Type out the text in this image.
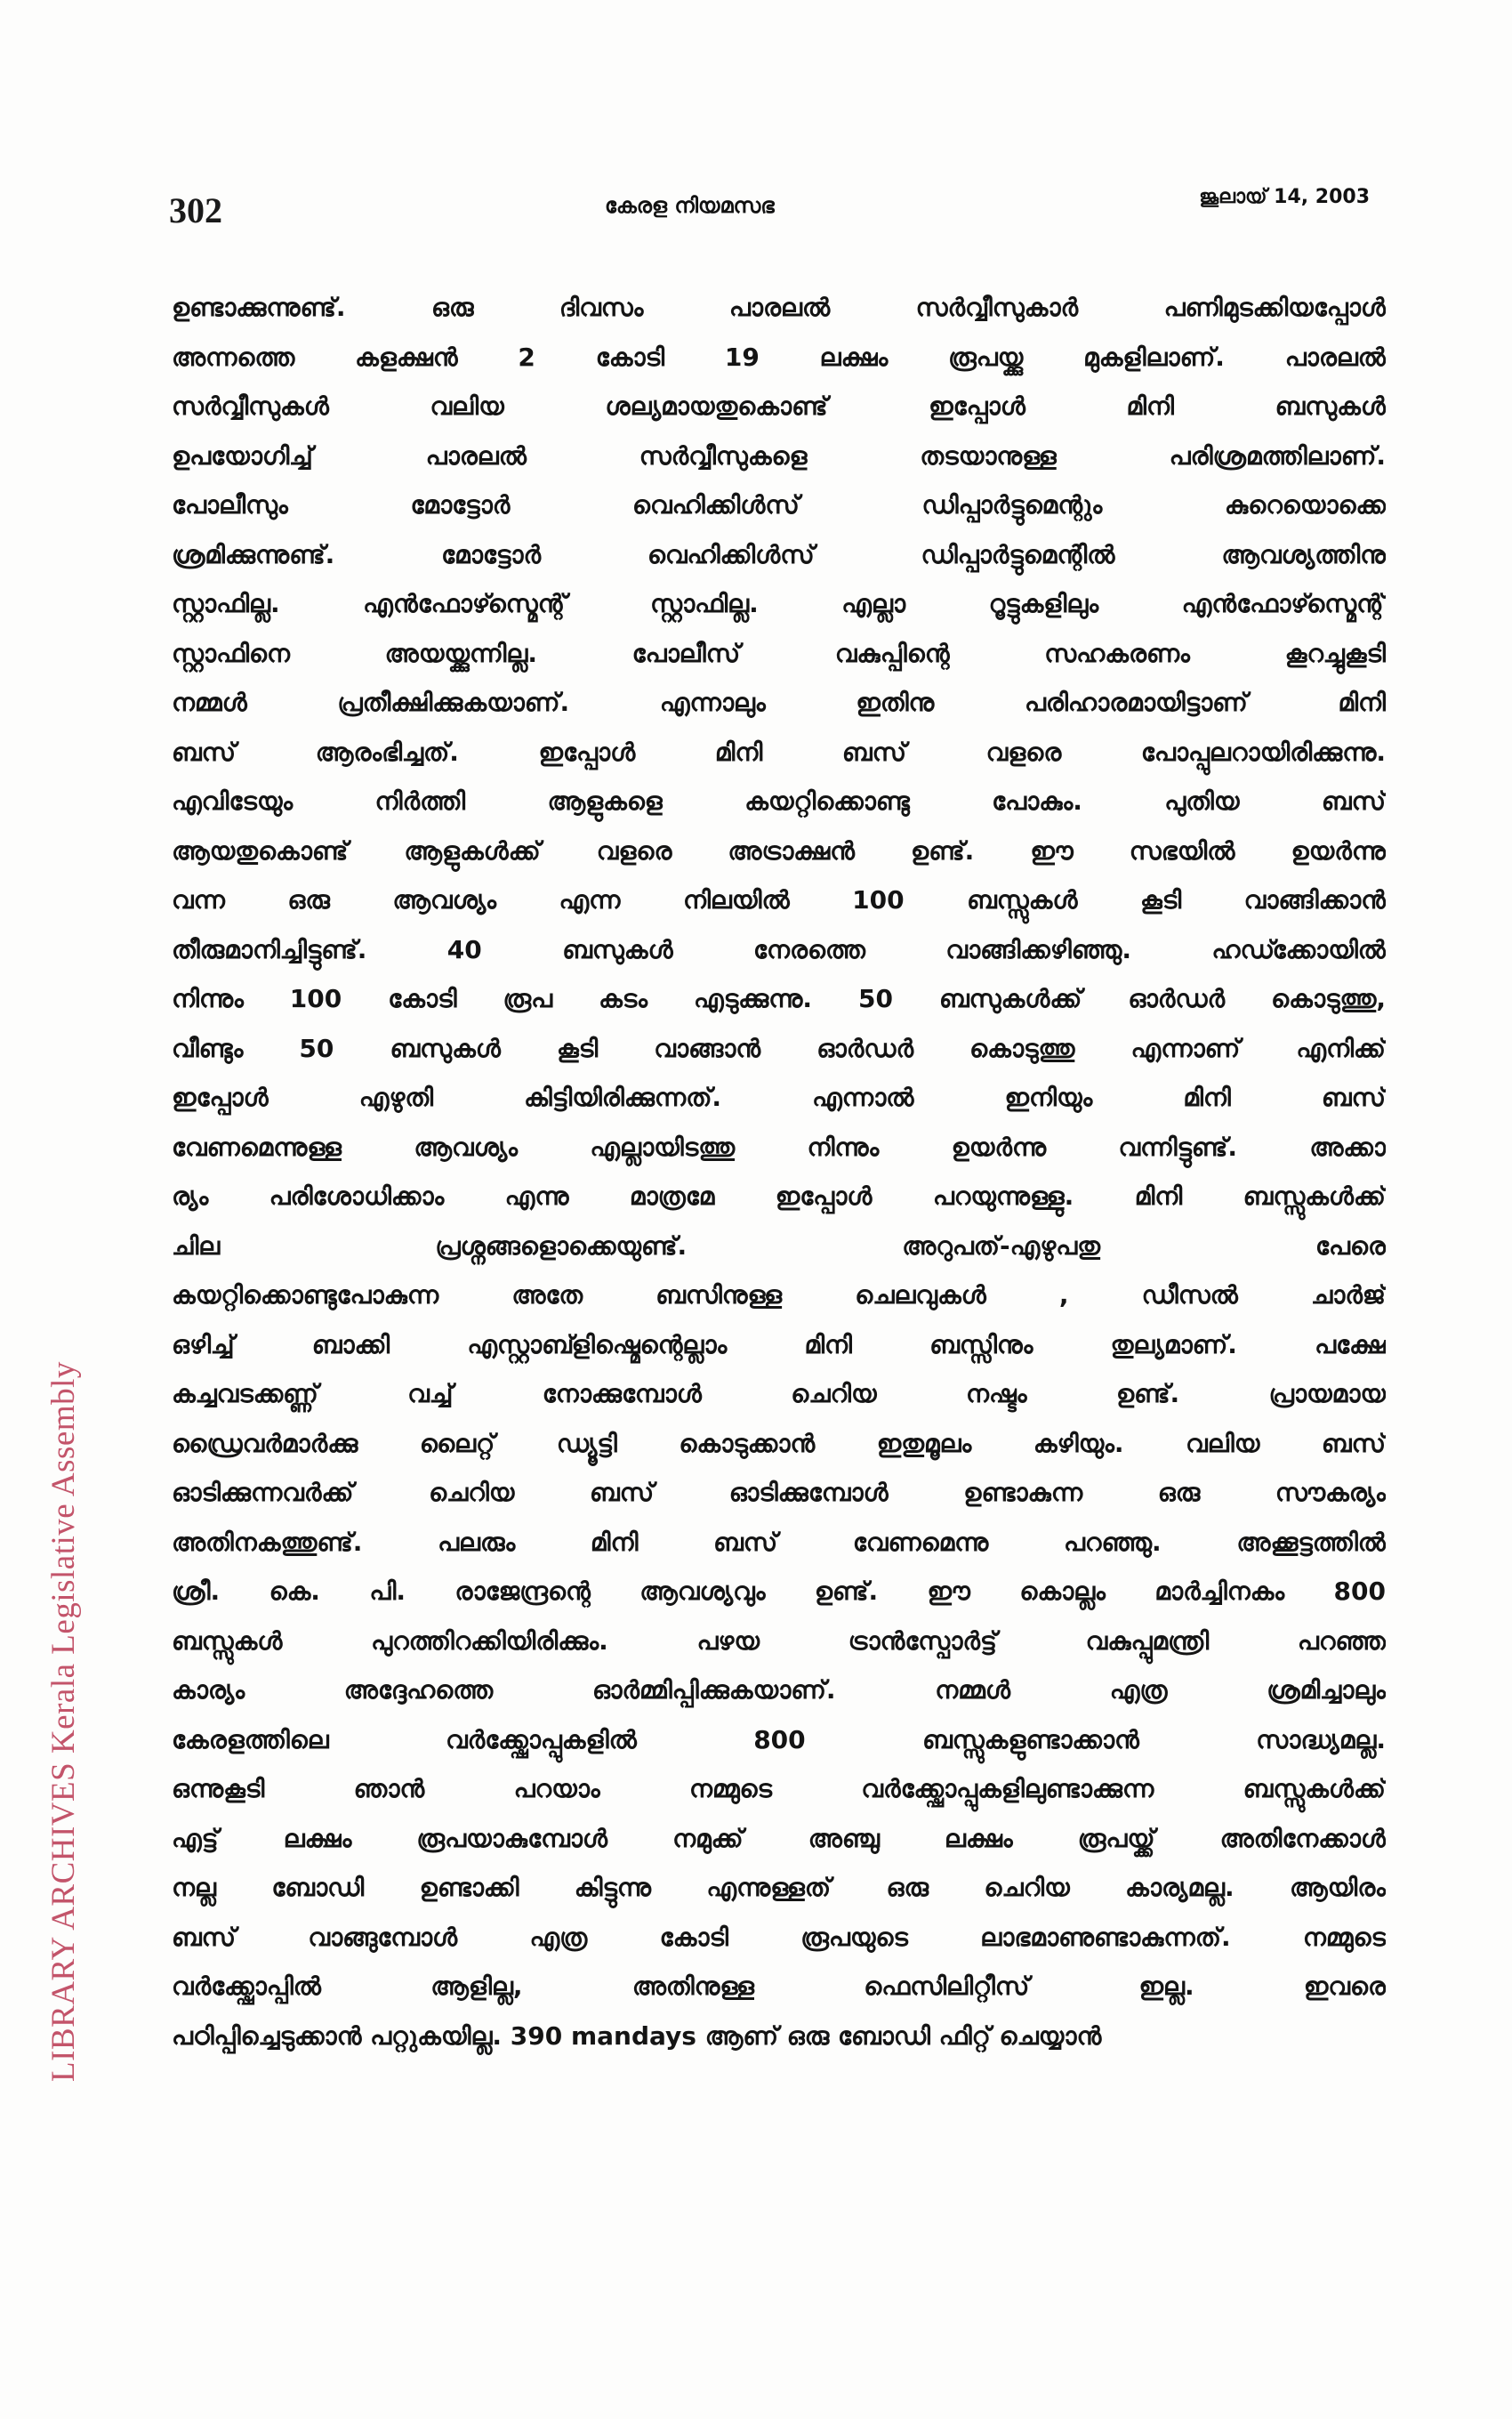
302	കേരള നിയമസഭ	ജൂലായ് 14, 2003
LIBRARY ARCHIVES Kerala Legislative Assembly
ഉണ്ടാക്കുന്നുണ്ട്. ഒരു ദിവസം പാരലൽ സർവ്വീസുകാർ പണിമുടക്കിയപ്പോൾ
അന്നത്തെ കളക്ഷൻ 2 കോടി 19 ലക്ഷം രൂപയ്ക്കു മുകളിലാണ്. പാരലൽ
സർവ്വീസുകൾ വലിയ ശല്യമായതുകൊണ്ട് ഇപ്പോൾ മിനി ബസുകൾ
ഉപയോഗിച്ച് പാരലൽ സർവ്വീസുകളെ തടയാനുള്ള പരിശ്രമത്തിലാണ്.
പോലീസും മോട്ടോർ വെഹിക്കിൾസ് ഡിപ്പാർട്ടുമെന്റും കുറെയൊക്കെ
ശ്രമിക്കുന്നുണ്ട്. മോട്ടോർ വെഹിക്കിൾസ് ഡിപ്പാർട്ടുമെന്റിൽ ആവശ്യത്തിനു
സ്റ്റാഫില്ല. എൻഫോഴ്സ്മെന്റ് സ്റ്റാഫില്ല. എല്ലാ റൂട്ടുകളിലും എൻഫോഴ്സ്മെന്റ്
സ്റ്റാഫിനെ അയയ്ക്കുന്നില്ല. പോലീസ് വകുപ്പിന്റെ സഹകരണം കൂറച്ചുകൂടി
നമ്മൾ പ്രതീക്ഷിക്കുകയാണ്. എന്നാലും ഇതിനു പരിഹാരമായിട്ടാണ് മിനി
ബസ് ആരംഭിച്ചത്. ഇപ്പോൾ മിനി ബസ് വളരെ പോപ്പുലറായിരിക്കുന്നു.
എവിടേയും നിർത്തി ആളുകളെ കയറ്റിക്കൊണ്ടു പോകും. പുതിയ ബസ്
ആയതുകൊണ്ട് ആളുകൾക്ക് വളരെ അട്രാക്ഷൻ ഉണ്ട്. ഈ സഭയിൽ ഉയർന്നു
വന്ന ഒരു ആവശ്യം എന്ന നിലയിൽ 100 ബസ്സുകൾ കൂടി വാങ്ങിക്കാൻ
തീരുമാനിച്ചിട്ടുണ്ട്. 40 ബസുകൾ നേരത്തെ വാങ്ങിക്കഴിഞ്ഞു. ഹഡ്ക്കോയിൽ
നിന്നും 100 കോടി രൂപ കടം എടുക്കുന്നു. 50 ബസുകൾക്ക് ഓർഡർ കൊടുത്തു,
വീണ്ടും 50 ബസുകൾ കൂടി വാങ്ങാൻ ഓർഡർ കൊടുത്തു എന്നാണ് എനിക്ക്
ഇപ്പോൾ എഴുതി കിട്ടിയിരിക്കുന്നത്. എന്നാൽ ഇനിയും മിനി ബസ്
വേണമെന്നുള്ള ആവശ്യം എല്ലായിടത്തു നിന്നും ഉയർന്നു വന്നിട്ടുണ്ട്. അക്കാ
ര്യം പരിശോധിക്കാം എന്നു മാത്രമേ ഇപ്പോൾ പറയുന്നുള്ളു. മിനി ബസ്സുകൾക്ക്
ചില പ്രശ്നങ്ങളൊക്കെയുണ്ട്. അറുപത്-എഴുപതു പേരെ
കയറ്റിക്കൊണ്ടുപോകുന്ന അതേ ബസിനുള്ള ചെലവുകൾ , ഡീസൽ ചാർജ്
ഒഴിച്ച് ബാക്കി എസ്റ്റാബ്ളിഷ്മെന്റെല്ലാം മിനി ബസ്സിനും തുല്യമാണ്. പക്ഷേ
കച്ചവടക്കണ്ണ് വച്ച് നോക്കുമ്പോൾ ചെറിയ നഷ്ടം ഉണ്ട്. പ്രായമായ
ഡ്രൈവർമാർക്കു ലൈറ്റ് ഡ്യൂട്ടി കൊടുക്കാൻ ഇതുമൂലം കഴിയും. വലിയ ബസ്
ഓടിക്കുന്നവർക്ക് ചെറിയ ബസ് ഓടിക്കുമ്പോൾ ഉണ്ടാകുന്ന ഒരു സൗകര്യം
അതിനകത്തുണ്ട്. പലരും മിനി ബസ് വേണമെന്നു പറഞ്ഞു. അക്കൂട്ടത്തിൽ
ശ്രീ. കെ. പി. രാജേന്ദ്രന്റെ ആവശ്യവും ഉണ്ട്. ഈ കൊല്ലം മാർച്ചിനകം 800
ബസ്സുകൾ പുറത്തിറക്കിയിരിക്കും. പഴയ ട്രാൻസ്പോർട്ട് വകുപ്പുമന്ത്രി പറഞ്ഞ
കാര്യം അദ്ദേഹത്തെ ഓർമ്മിപ്പിക്കുകയാണ്. നമ്മൾ എത്ര ശ്രമിച്ചാലും
കേരളത്തിലെ വർക്ക്ഷോപ്പുകളിൽ 800 ബസ്സുകളുണ്ടാക്കാൻ സാദ്ധ്യമല്ല.
ഒന്നുകൂടി ഞാൻ പറയാം നമ്മുടെ വർക്ക്ഷോപ്പുകളിലുണ്ടാക്കുന്ന ബസ്സുകൾക്ക്
എട്ട് ലക്ഷം രൂപയാകുമ്പോൾ നമുക്ക് അഞ്ചു ലക്ഷം രൂപയ്ക്ക് അതിനേക്കാൾ
നല്ല ബോഡി ഉണ്ടാക്കി കിട്ടുന്നു എന്നുള്ളത് ഒരു ചെറിയ കാര്യമല്ല. ആയിരം
ബസ് വാങ്ങുമ്പോൾ എത്ര കോടി രൂപയുടെ ലാഭമാണുണ്ടാകുന്നത്. നമ്മുടെ
വർക്ക്ഷോപ്പിൽ ആളില്ല, അതിനുള്ള ഫെസിലിറ്റീസ് ഇല്ല. ഇവരെ
പഠിപ്പിച്ചെടുക്കാൻ പറ്റുകയില്ല. 390 mandays ആണ് ഒരു ബോഡി ഫിറ്റ് ചെയ്യാൻ
